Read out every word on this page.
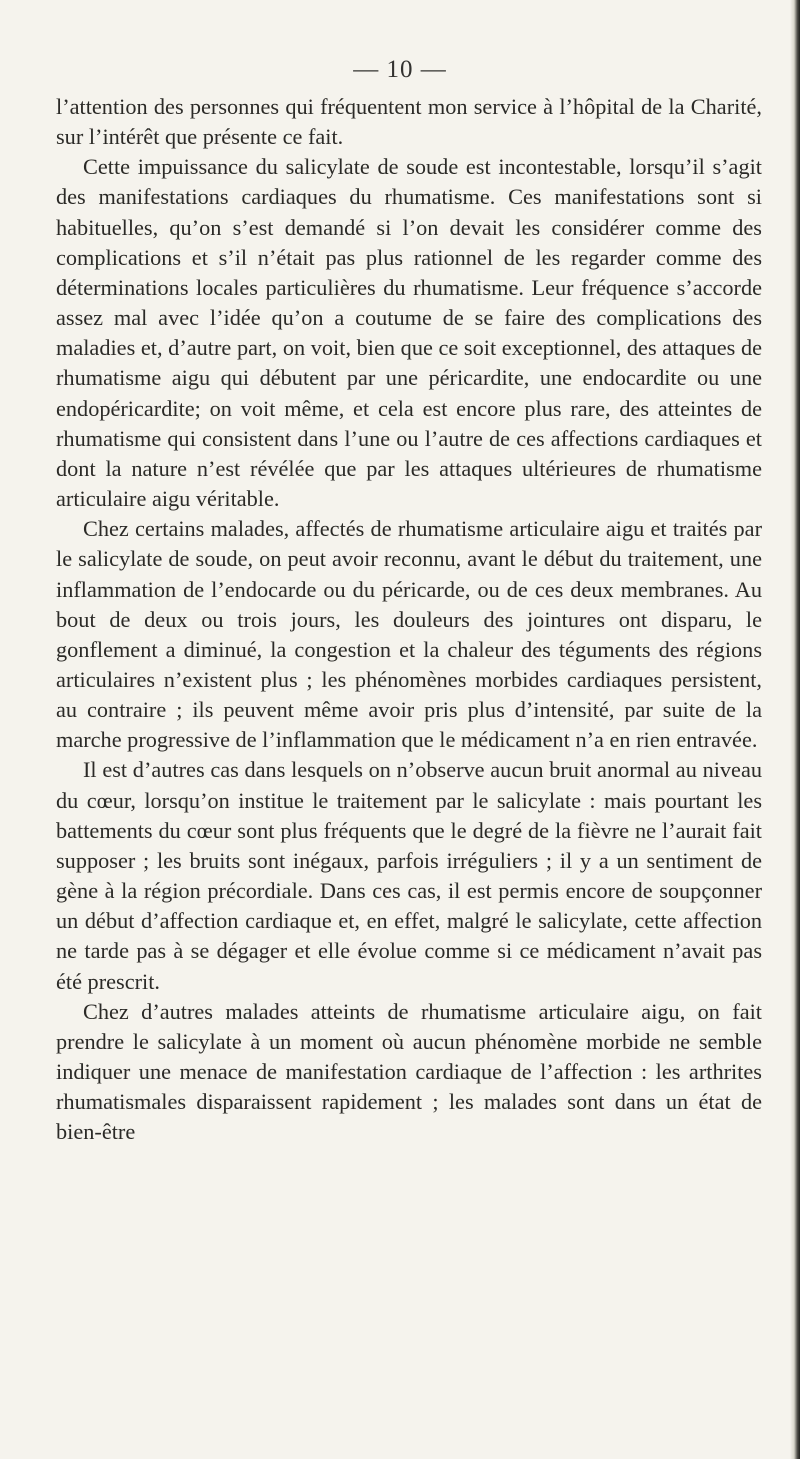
— 10 —

l’attention des personnes qui fréquentent mon service à l’hôpital de la Charité, sur l’intérêt que présente ce fait.

Cette impuissance du salicylate de soude est incontestable, lorsqu’il s’agit des manifestations cardiaques du rhumatisme. Ces manifestations sont si habituelles, qu’on s’est demandé si l’on devait les considérer comme des complications et s’il n’était pas plus rationnel de les regarder comme des déterminations locales particulières du rhumatisme. Leur fréquence s’accorde assez mal avec l’idée qu’on a coutume de se faire des complications des maladies et, d’autre part, on voit, bien que ce soit exceptionnel, des attaques de rhumatisme aigu qui débutent par une péricardite, une endocardite ou une endopéricardite; on voit même, et cela est encore plus rare, des atteintes de rhumatisme qui consistent dans l’une ou l’autre de ces affections cardiaques et dont la nature n’est révélée que par les attaques ultérieures de rhumatisme articulaire aigu véritable.

Chez certains malades, affectés de rhumatisme articulaire aigu et traités par le salicylate de soude, on peut avoir reconnu, avant le début du traitement, une inflammation de l’endocarde ou du péricarde, ou de ces deux membranes. Au bout de deux ou trois jours, les douleurs des jointures ont disparu, le gonflement a diminué, la congestion et la chaleur des téguments des régions articulaires n’existent plus ; les phénomènes morbides cardiaques persistent, au contraire ; ils peuvent même avoir pris plus d’intensité, par suite de la marche progressive de l’inflammation que le médicament n’a en rien entravée.

Il est d’autres cas dans lesquels on n’observe aucun bruit anormal au niveau du cœur, lorsqu’on institue le traitement par le salicylate : mais pourtant les battements du cœur sont plus fréquents que le degré de la fièvre ne l’aurait fait supposer ; les bruits sont inégaux, parfois irréguliers ; il y a un sentiment de gène à la région précordiale. Dans ces cas, il est permis encore de soupçonner un début d’affection cardiaque et, en effet, malgré le salicylate, cette affection ne tarde pas à se dégager et elle évolue comme si ce médicament n’avait pas été prescrit.

Chez d’autres malades atteints de rhumatisme articulaire aigu, on fait prendre le salicylate à un moment où aucun phénomène morbide ne semble indiquer une menace de manifestation cardiaque de l’affection : les arthrites rhumatismales disparaissent rapidement ; les malades sont dans un état de bien-être
